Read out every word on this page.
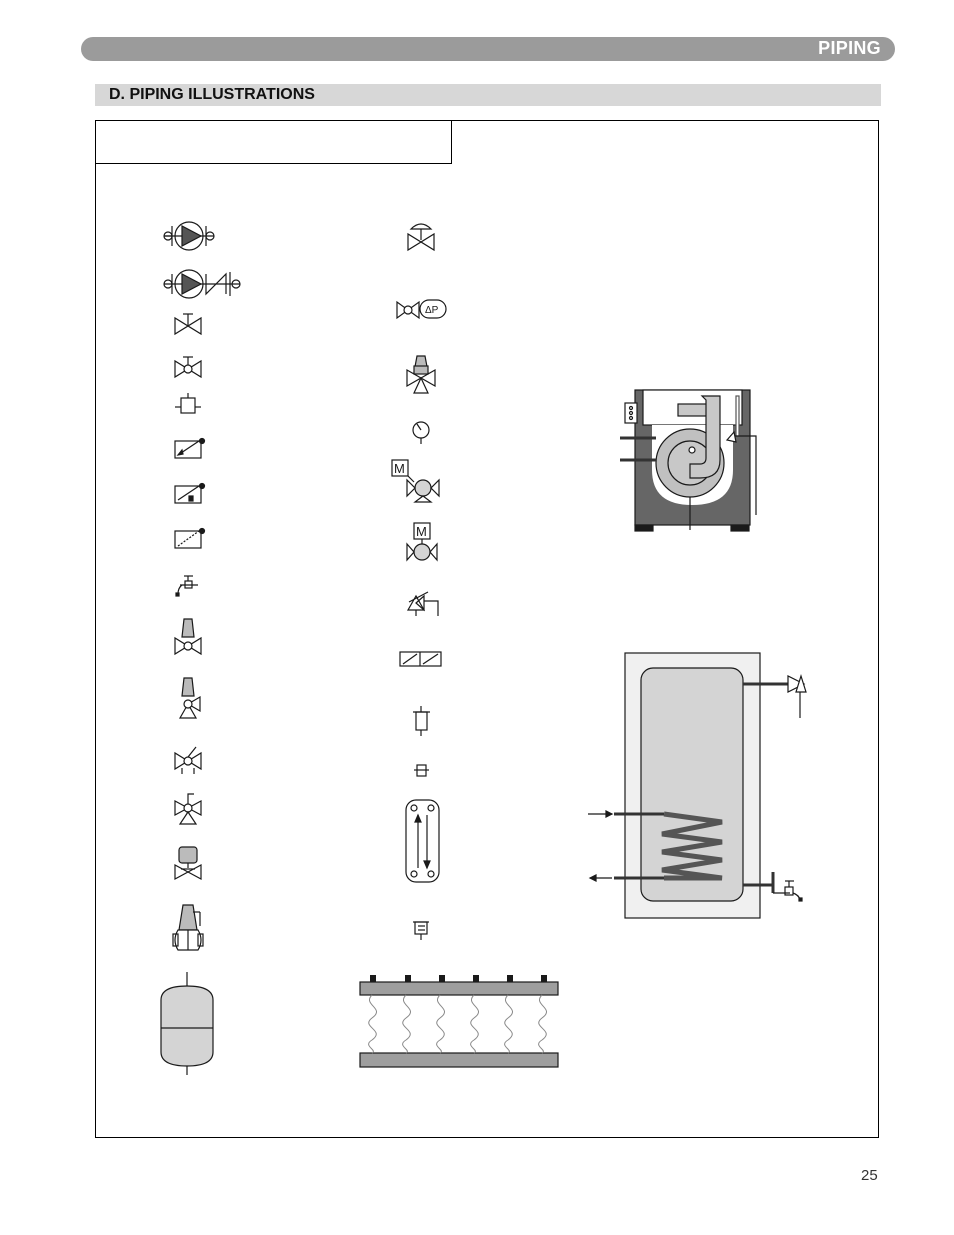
PIPING
D. PIPING ILLUSTRATIONS
ΔP
M
M
25
